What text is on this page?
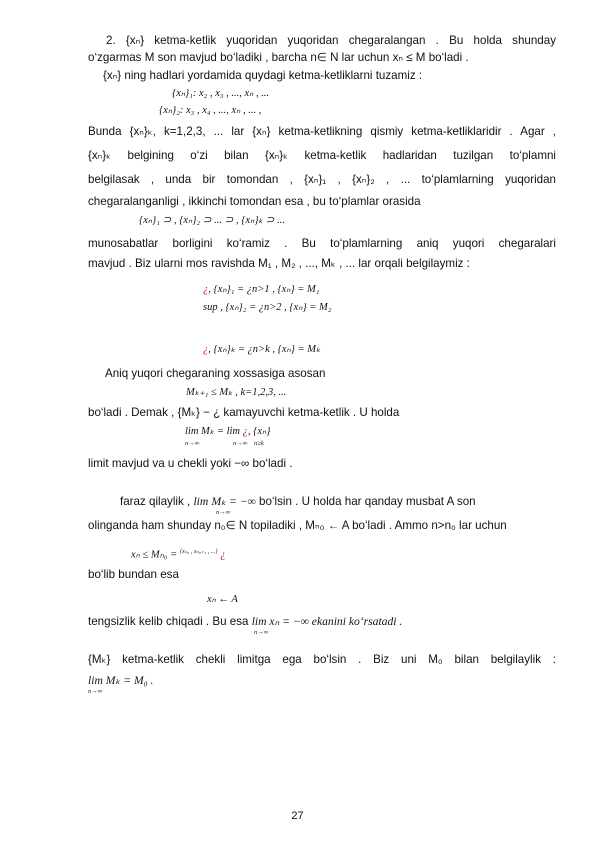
2. {xₙ} ketma-ketlik yuqoridan yuqoridan chegaralangan . Bu holda shunday
o‘zgarmas M son mavjud bo‘ladiki , barcha n∈ N lar uchun xₙ ≤ M bo‘ladi .
{xₙ} ning hadlari yordamida quydagi ketma-ketliklarni tuzamiz :
{xₙ}₁: x₂ , x₃ , ..., xₙ , ...
{xₙ}₂: x₃ , x₄ , ..., xₙ , ... ,
Bunda {xₙ}ₖ, k=1,2,3, ... lar {xₙ} ketma-ketlikning qismiy ketma-ketliklaridir . Agar ,
{xₙ}ₖ belgining o‘zi bilan {xₙ}ₖ ketma-ketlik hadlaridan tuzilgan to‘plamni
belgilasak , unda bir tomondan , {xₙ}₁ , {xₙ}₂ , ... to‘plamlarning yuqoridan
chegaralanganligi , ikkinchi tomondan esa , bu to‘plamlar orasida
{xₙ}₁ ⊃ , {xₙ}₂ ⊃ ... ⊃ , {xₙ}ₖ ⊃ ...
munosabatlar borligini ko‘ramiz . Bu to‘plamlarning aniq yuqori chegaralari
mavjud . Biz ularni mos ravishda M₁ , M₂ , ..., Mₖ , ... lar orqali belgilaymiz :
¿, {xₙ}₁ = ¿n>1 , {xₙ} = M₁
sup , {xₙ}₂ = ¿n>2 , {xₙ} = M₂
¿, {xₙ}ₖ = ¿n>k , {xₙ} = Mₖ
Aniq yuqori chegaraning xossasiga asosan
Mₖ₊₁ ≤ Mₖ , k=1,2,3, ...
bo‘ladi . Demak , {Mₖ} − ¿ kamayuvchi ketma-ketlik . U holda
lim Mₖ = lim ¿, {xₙ}
n→∞	n→∞ n≥k
limit mavjud va u chekli yoki −∞ bo‘ladi .
faraz qilaylik , lim Mₖ = −∞ bo‘lsin . U holda har qanday musbat A son
n→∞
olinganda ham shunday n₀∈ N topiladiki , Mₙ₀ ← A bo‘ladi . Ammo n>n₀ lar uchun
xₙ ≤ Mₙ₀ = $^{\{x_{n0} , x_{n0+1} , ...\}}$ ¿
bo‘lib bundan esa
xₙ ← A
tengsizlik kelib chiqadi . Bu esa lim xₙ = −∞ ekanini ko‘rsatadi .
n→∞
{Mₖ} ketma-ketlik chekli limitga ega bo‘lsin . Biz uni M₀ bilan belgilaylik :
lim Mₖ = M₀ .
n→∞
27
